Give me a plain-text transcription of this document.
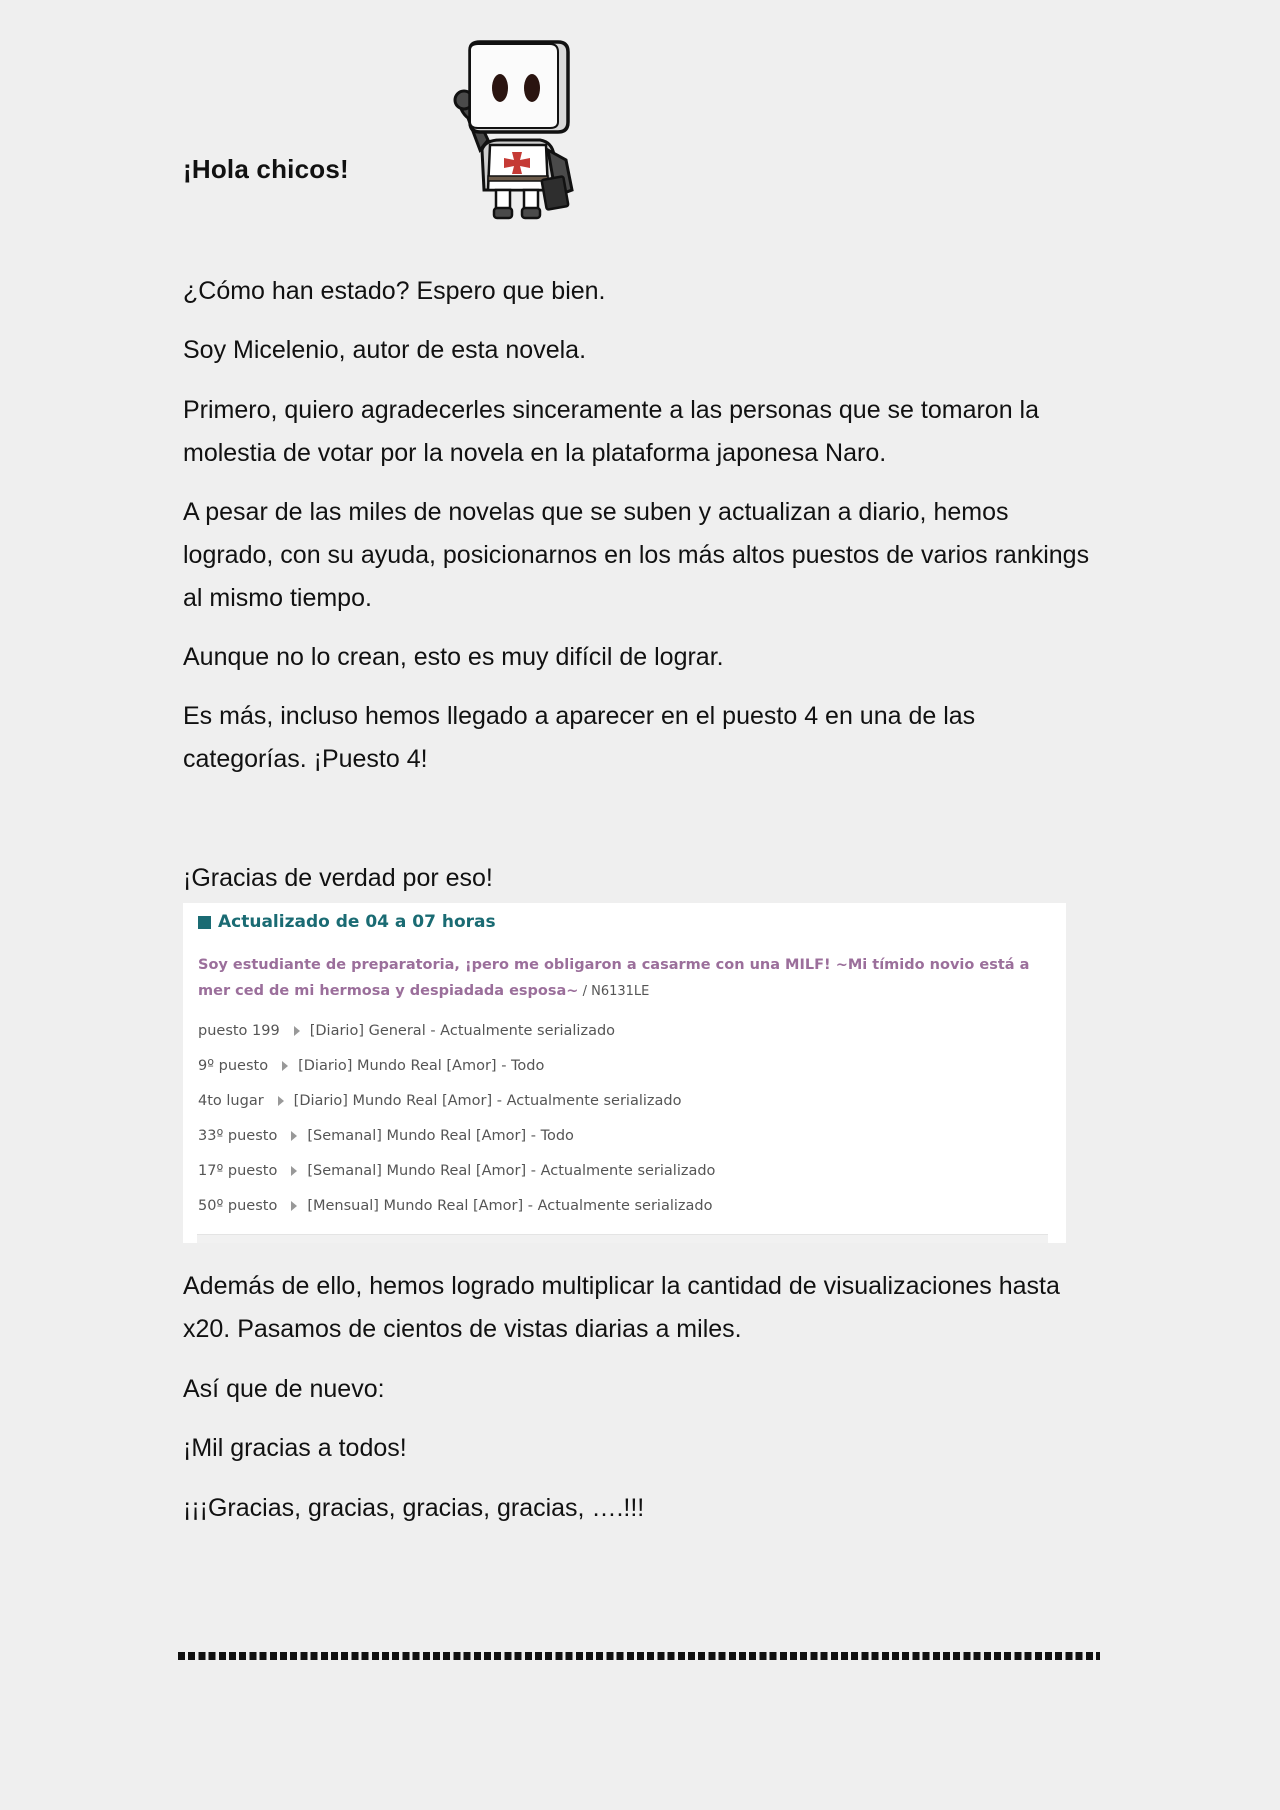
¡Hola chicos!

¿Cómo han estado? Espero que bien.

Soy Micelenio, autor de esta novela.

Primero, quiero agradecerles sinceramente a las personas que se tomaron la molestia de votar por la novela en la plataforma japonesa Naro.

A pesar de las miles de novelas que se suben y actualizan a diario, hemos logrado, con su ayuda, posicionarnos en los más altos puestos de varios rankings al mismo tiempo.

Aunque no lo crean, esto es muy difícil de lograr.

Es más, incluso hemos llegado a aparecer en el puesto 4 en una de las categorías. ¡Puesto 4!

¡Gracias de verdad por eso!

Actualizado de 04 a 07 horas
Soy estudiante de preparatoria, ¡pero me obligaron a casarme con una MILF! ~Mi tímido novio está a mer ced de mi hermosa y despiadada esposa~ / N6131LE
puesto 199 [Diario] General - Actualmente serializado
9º puesto [Diario] Mundo Real [Amor] - Todo
4to lugar [Diario] Mundo Real [Amor] - Actualmente serializado
33º puesto [Semanal] Mundo Real [Amor] - Todo
17º puesto [Semanal] Mundo Real [Amor] - Actualmente serializado
50º puesto [Mensual] Mundo Real [Amor] - Actualmente serializado

Además de ello, hemos logrado multiplicar la cantidad de visualizaciones hasta x20. Pasamos de cientos de vistas diarias a miles.

Así que de nuevo:

¡Mil gracias a todos!

¡¡¡Gracias, gracias, gracias, gracias, ….!!!
